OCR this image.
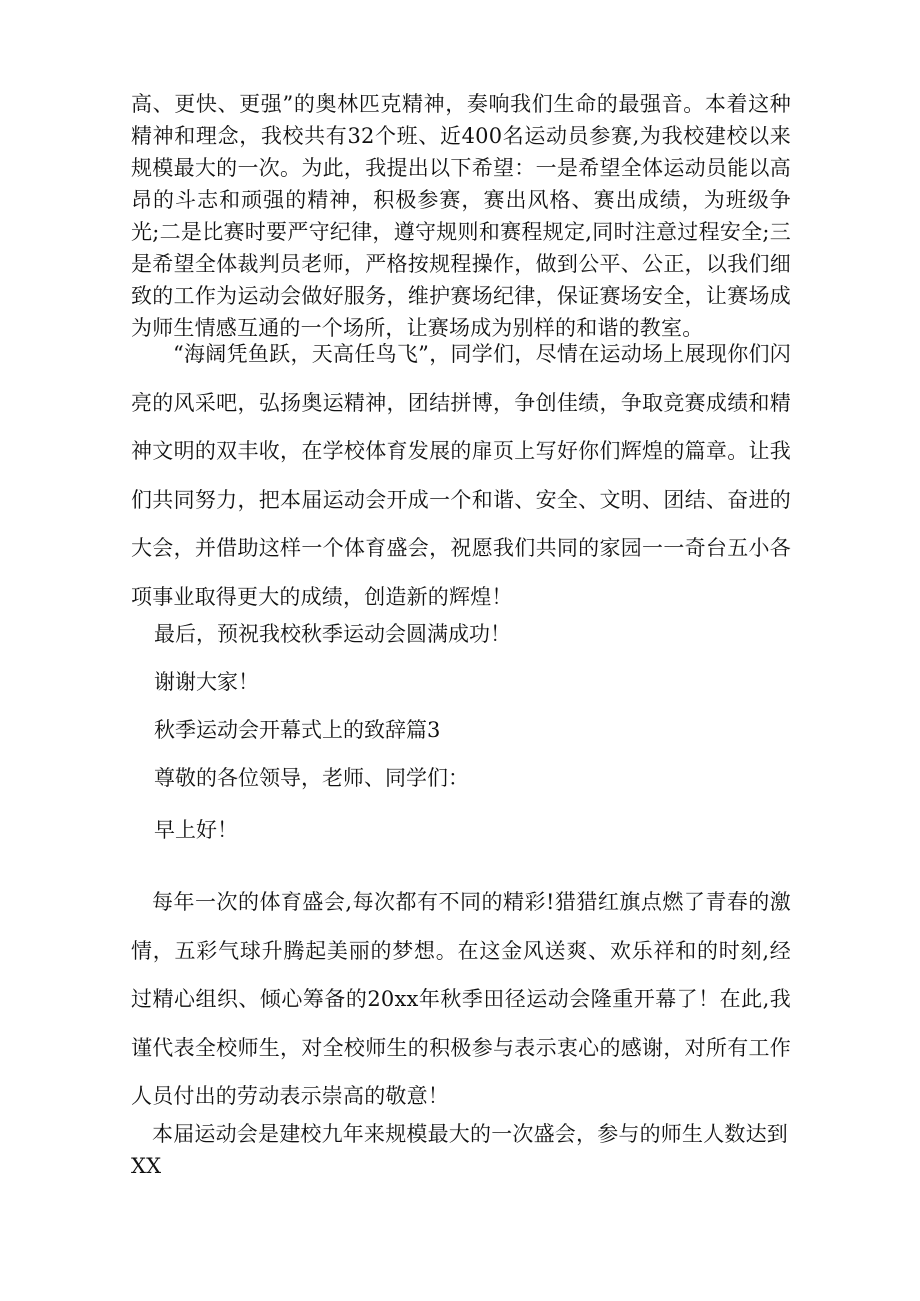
高、更快、更强”的奥林匹克精神，奏响我们生命的最强音。本着这种精神和理念，我校共有32个班、近400名运动员参赛,为我校建校以来规模最大的一次。为此，我提出以下希望：一是希望全体运动员能以高昂的斗志和顽强的精神，积极参赛，赛出风格、赛出成绩，为班级争光;二是比赛时要严守纪律，遵守规则和赛程规定,同时注意过程安全;三是希望全体裁判员老师，严格按规程操作，做到公平、公正，以我们细致的工作为运动会做好服务，维护赛场纪律，保证赛场安全，让赛场成为师生情感互通的一个场所，让赛场成为别样的和谐的教室。

“海阔凭鱼跃，天高任鸟飞”，同学们，尽情在运动场上展现你们闪亮的风采吧，弘扬奥运精神，团结拼博，争创佳绩，争取竞赛成绩和精神文明的双丰收，在学校体育发展的扉页上写好你们辉煌的篇章。让我们共同努力，把本届运动会开成一个和谐、安全、文明、团结、奋进的大会，并借助这样一个体育盛会，祝愿我们共同的家园一一奇台五小各项事业取得更大的成绩，创造新的辉煌！

最后，预祝我校秋季运动会圆满成功！

谢谢大家！

秋季运动会开幕式上的致辞篇3

尊敬的各位领导，老师、同学们：

早上好！

每年一次的体育盛会,每次都有不同的精彩!猎猎红旗点燃了青春的激情，五彩气球升腾起美丽的梦想。在这金风送爽、欢乐祥和的时刻,经过精心组织、倾心筹备的20xx年秋季田径运动会隆重开幕了！在此,我谨代表全校师生，对全校师生的积极参与表示衷心的感谢，对所有工作人员付出的劳动表示崇高的敬意！

本届运动会是建校九年来规模最大的一次盛会，参与的师生人数达到XX
